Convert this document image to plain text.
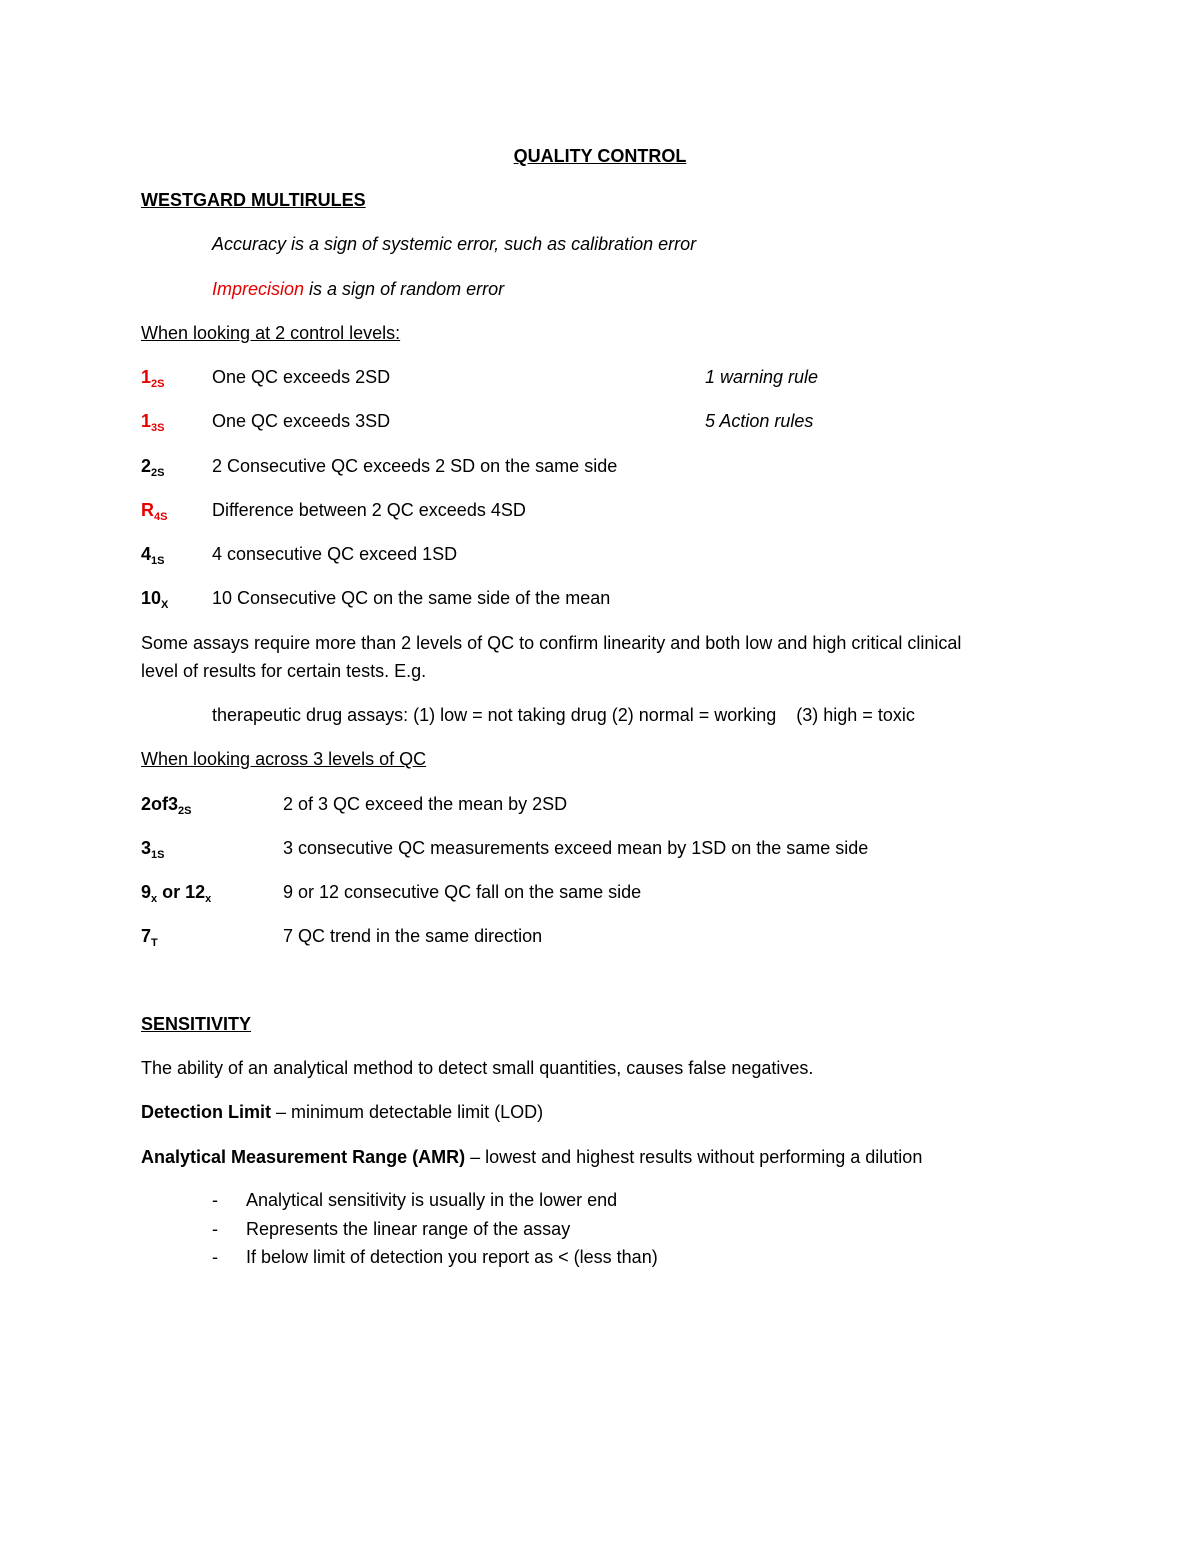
QUALITY CONTROL
WESTGARD MULTIRULES
Accuracy is a sign of systemic error, such as calibration error
Imprecision is a sign of random error
When looking at 2 control levels:
$1_{2S}$	One QC exceeds 2SD	1 warning rule
$1_{3S}$	One QC exceeds 3SD	5 Action rules
$2_{2S}$	2 Consecutive QC exceeds 2 SD on the same side
$R_{4S}$ Difference between 2 QC exceeds 4SD
$4_{1S}$	4 consecutive QC exceed 1SD
$10_X$ 10 Consecutive QC on the same side of the mean
Some assays require more than 2 levels of QC to confirm linearity and both low and high critical clinical
level of results for certain tests. E.g.
therapeutic drug assays: (1) low = not taking drug (2) normal = working    (3) high = toxic
When looking across 3 levels of QC
$2of3_{2S}$	2 of 3 QC exceed the mean by 2SD
$3_{1S}$	3 consecutive QC measurements exceed mean by 1SD on the same side
$9_x$ or $12_x$	9 or 12 consecutive QC fall on the same side
$7_T$	7 QC trend in the same direction
SENSITIVITY
The ability of an analytical method to detect small quantities, causes false negatives.
Detection Limit – minimum detectable limit (LOD)
Analytical Measurement Range (AMR) – lowest and highest results without performing a dilution
- Analytical sensitivity is usually in the lower end
- Represents the linear range of the assay
- If below limit of detection you report as < (less than)
